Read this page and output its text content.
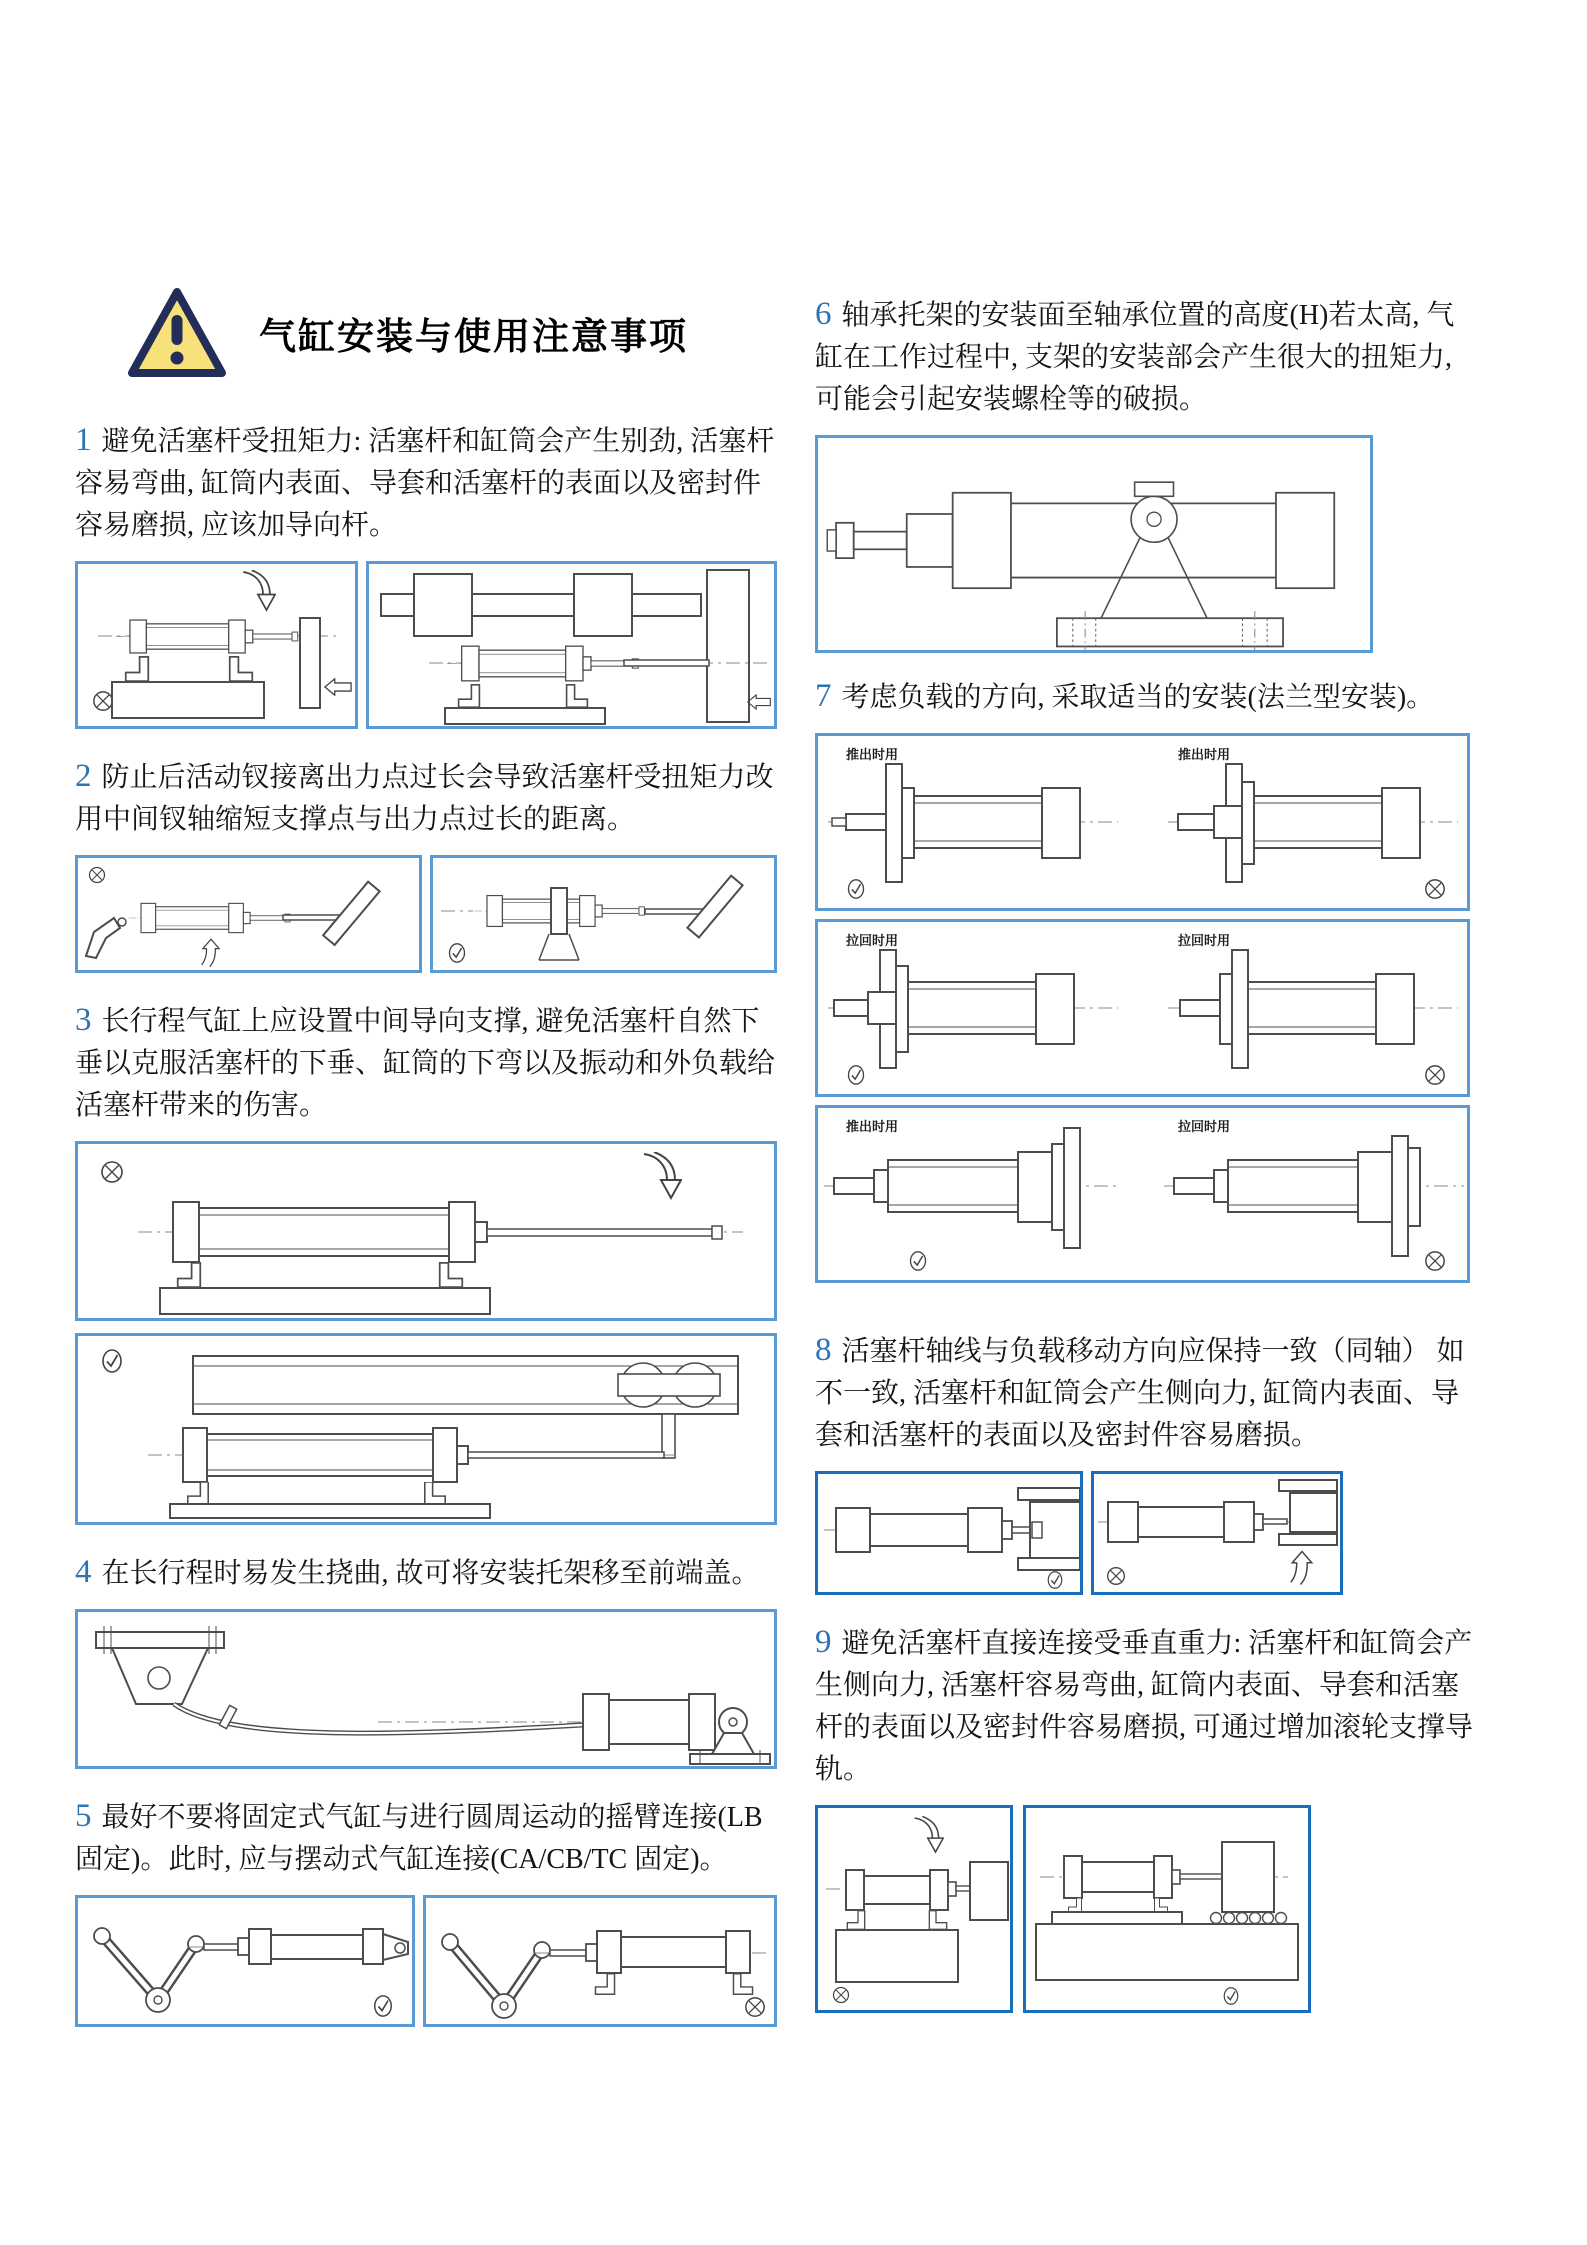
气缸安装与使用注意事项

1 避免活塞杆受扭矩力: 活塞杆和缸筒会产生别劲, 活塞杆容易弯曲, 缸筒内表面、导套和活塞杆的表面以及密封件容易磨损, 应该加导向杆。

2 防止后活动钗接离出力点过长会导致活塞杆受扭矩力改用中间钗轴缩短支撑点与出力点过长的距离。

3 长行程气缸上应设置中间导向支撑, 避免活塞杆自然下 垂以克服活塞杆的下垂、缸筒的下弯以及振动和外负载给活塞杆带来的伤害。

4 在长行程时易发生挠曲, 故可将安装托架移至前端盖。

5 最好不要将固定式气缸与进行圆周运动的摇臂连接(LB 固定)。此时, 应与摆动式气缸连接(CA/CB/TC 固定)。

6 轴承托架的安装面至轴承位置的高度(H)若太高, 气缸在工作过程中, 支架的安装部会产生很大的扭矩力, 可能会引起安装螺栓等的破损。

7 考虑负载的方向, 采取适当的安装(法兰型安装)。

推出时用	推出时用
拉回时用	拉回时用
推出时用	拉回时用

8 活塞杆轴线与负载移动方向应保持一致（同轴） 如不一致, 活塞杆和缸筒会产生侧向力, 缸筒内表面、导 套和活塞杆的表面以及密封件容易磨损。

9 避免活塞杆直接连接受垂直重力: 活塞杆和缸筒会产生侧向力, 活塞杆容易弯曲, 缸筒内表面、导套和活塞杆的表面以及密封件容易磨损, 可通过增加滚轮支撑导轨。
